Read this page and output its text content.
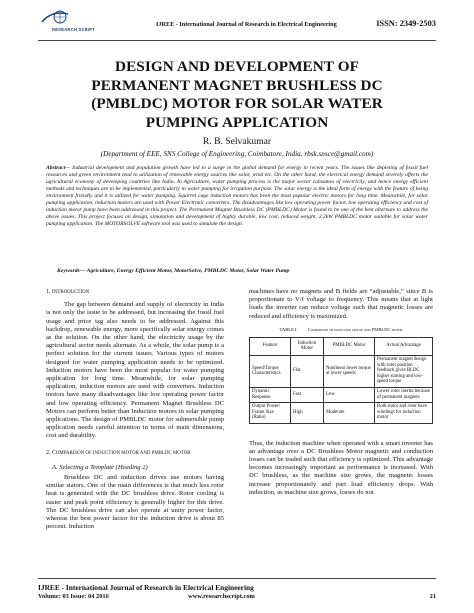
RESEARCH SCRIPT
IJREE - International Journal of Research in Electrical Engineering	ISSN: 2349-2503
DESIGN AND DEVELOPMENT OF
PERMANENT MAGNET BRUSHLESS DC
(PMBLDC) MOTOR FOR SOLAR WATER
PUMPING APPLICATION
R. B. Selvakumar
(Department of EEE, SNS College of Engineering, Coimbatore, India, rbsk.snsce@gmail.com)
Abstract— Industrial development and population growth have led to a surge in the global demand for energy in recent years. The issues like depleting of fossil fuel resources and green environment lead to utilization of renewable energy sources like solar, wind etc. On the other hand, the electrical energy demand severely affects the agricultural economy of developing countries like India. In Agriculture, water pumping process is the major sector consumes of electricity, and hence energy efficient methods and techniques are to be implemented, particularly in water pumping for irrigation purpose. The solar energy is the ideal form of energy with the feature of being environment friendly and it is utilized for water pumping. Squirrel cage induction motors has been the most popular electric motors for long time. Meanwhile, for solar pumping application, induction motors are used with Power Electronic converters. The disadvantages like low operating power factor, low operating efficiency and cost of induction motor pump have been addressed in this project. The Permanent Magnet Brushless DC (PMBLDC) Motor is found to be one of the best alternate to address the above issues. This project focuses on design, simulation and development of highly durable, low cost, reduced weight, 2.2kW PMBLDC motor suitable for solar water pumping application. The MOTORSOLVE software tool was used to simulate the design.
Keywords— Agriculture, Energy Efficient Motor, MotorSolve, PMBLDC Motor, Solar Water Pump
1. INTRODUCTION

The gap between demand and supply of electricity in India is not only the issue to be addressed, but increasing the fossil fuel usage and price tag also needs to be addressed. Against this backdrop, renewable energy, more specifically solar energy comes as the solution. On the other hand, the electricity usage by the agricultural sector needs alternate. As a whole, the solar pump is a perfect solution for the current issues. Various types of motors designed for water pumping application needs to be optimized. Induction motors have been the most popular for water pumping application for long time. Meanwhile, for solar pumping application, induction motors are used with converters. Induction motors have many disadvantages like low operating power factor and low operating efficiency. Permanent Magnet Brushless DC Motors can perform better than Induction motors in solar pumping applications. The design of PMBLDC motor for submersible pump application needs careful attention in terms of main dimensions, cost and durability.

2. COMPARISON OF INDUCTION MOTOR AND PMBLDC MOTOR
A. Selecting a Template (Heading 2)

Brushless DC and induction drives use motors having similar stators. One of the main differences is that much less rotor heat is generated with the DC brushless drive. Rotor cooling is easier and peak point efficiency is generally higher for this drive. The DC brushless drive can also operate at unity power factor, whereas the best power factor for the induction drive is about 85 percent. Induction

machines have no magnets and B fields are “adjustable,” since B is proportionate to V/f voltage to frequency. This means that at light loads the inverter can reduce voltage such that magnetic losses are reduced and efficiency is maximized.

TABLE I. Comparison of induction motor and PMBLDC motor
Feature	Induction Motor	PMBLDC Motor	Actual Advantage
Speed/Torque Characteristics	Flat	Nonlinear lower torque at lower speeds	Permanent magnet design with rotor position feedback gives BLDC higher starting and low-speed torque
Dynamic Response	Fast	Low	Lower rotor inertia because of permanent magnets
Output Power/ Frame Size (Ratio)	High	Moderate	Both stator and rotor have windings for induction motor

Thus, the induction machine when operated with a smart inverter has an advantage over a DC Brushless Motor magnetic and conduction losses can be traded such that efficiency is optimized. This advantage becomes increasingly important as performance is increased. With DC brushless, as the machine size grows, the magnetic losses increase proportionately and part load efficiency drops. With induction, as machine size grows, losses do not

IJREE - International Journal of Research in Electrical Engineering
Volume: 03 Issue: 04 2016	www.researchscript.com	21
